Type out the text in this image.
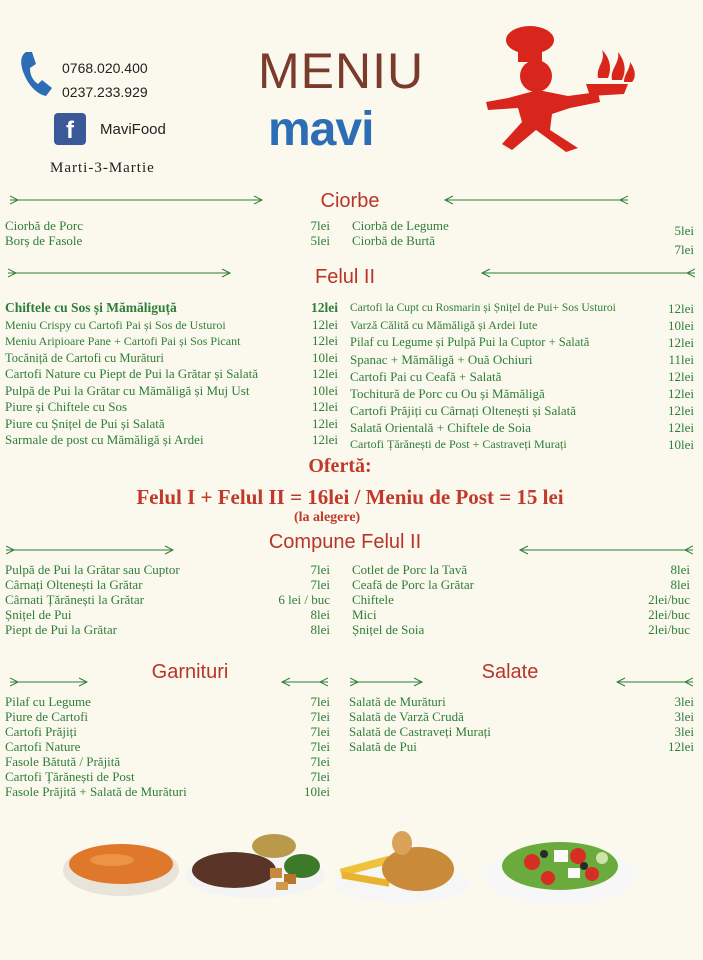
0768.020.400
0237.233.929
f	MaviFood
Marti-3-Martie
MENIU
mavi
Ciorbe
Ciorbă de Porc	7lei
Borș de Fasole	5lei
Ciorbă de Legume	5lei
Ciorbă de Burtă
7lei
Felul II
Chiftele cu Sos și Mămăliguță	12lei
Meniu Crispy cu Cartofi Pai și Sos de Usturoi	12lei
Meniu Aripioare Pane + Cartofi Pai și Sos Picant	12lei
Tocăniță de Cartofi cu Murături	10lei
Cartofi Nature cu Piept de Pui la Grătar și Salată	12lei
Pulpă de Pui la Grătar cu Mămăligă și Muj Ust	10lei
Piure și Chiftele cu Sos	12lei
Piure cu Șnițel de Pui și Salată	12lei
Sarmale de post cu Mămăligă și Ardei	12lei
Cartofi la Cupt cu Rosmarin și Șnițel de Pui+ Sos Usturoi	12lei
Varză Călită cu Mămăligă și Ardei Iute	10lei
Pilaf cu Legume și Pulpă Pui la Cuptor + Salată	12lei
Spanac + Mămăligă + Ouă Ochiuri	11lei
Cartofi Pai cu Ceafă + Salată	12lei
Tochitură de Porc cu Ou și Mămăligă	12lei
Cartofi Prăjiți cu Cârnați Oltenești și Salată	12lei
Salată Orientală + Chiftele de Soia	12lei
Cartofi Țărănești de Post + Castraveți Murați	10lei
Ofertă:
Felul I + Felul II = 16lei / Meniu de Post = 15 lei
(la alegere)
Compune Felul II
Pulpă de Pui la Grătar sau Cuptor	7lei
Cârnați Oltenești la Grătar	7lei
Cârnati Țărănești la Grătar	6 lei / buc
Șnițel de Pui	8lei
Piept de Pui la Grătar	8lei
Cotlet de Porc la Tavă	8lei
Ceafă de Porc la Grătar	8lei
Chiftele	2lei/buc
Mici	2lei/buc
Șnițel de Soia	2lei/buc
Garnituri	Salate
Pilaf cu Legume	7lei
Piure de Cartofi	7lei
Cartofi Prăjiți	7lei
Cartofi Nature	7lei
Fasole Bătută / Prăjită	7lei
Cartofi Țărănești de Post	7lei
Fasole Prăjită + Salată de Murături	10lei
Salată de Murături	3lei
Salată de Varză Crudă	3lei
Salată de Castraveți Murați	3lei
Salată de Pui	12lei
